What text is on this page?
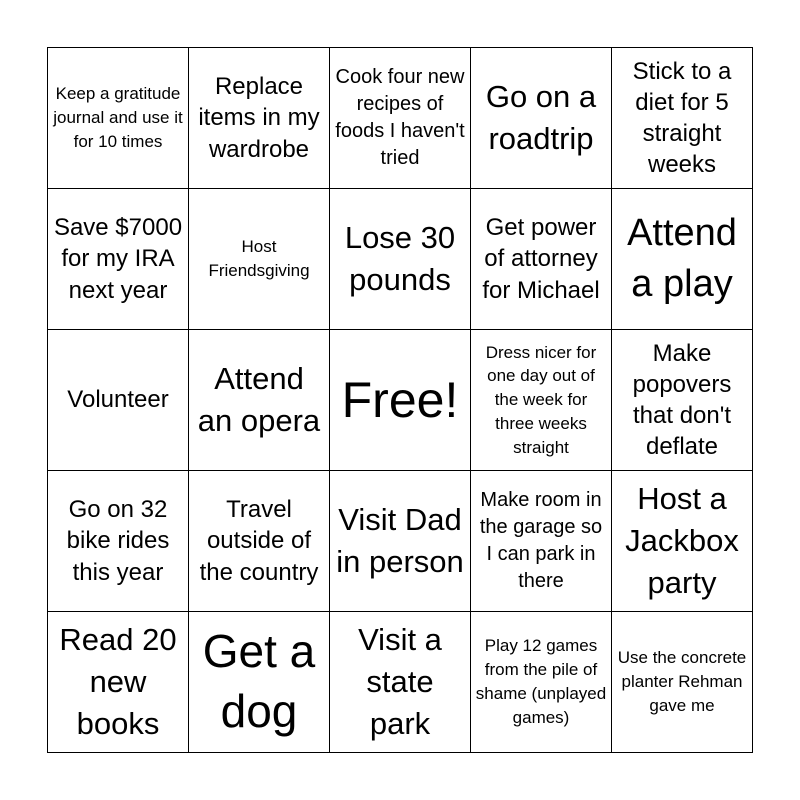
Keep a gratitude journal and use it for 10 times
Replace items in my wardrobe
Cook four new recipes of foods I haven't tried
Go on a roadtrip
Stick to a diet for 5 straight weeks
Save $7000 for my IRA next year
Host Friendsgiving
Lose 30 pounds
Get power of attorney for Michael
Attend a play
Volunteer
Attend an opera Free!
Dress nicer for one day out of the week for three weeks straight
Make popovers that don't deflate
Go on 32 bike rides this year
Travel outside of the country
Visit Dad in person
Make room in the garage so I can park in there
Host a Jackbox party
Read 20 new books
Get a dog
Visit a state park
Play 12 games from the pile of shame (unplayed games)
Use the concrete planter Rehman gave me
